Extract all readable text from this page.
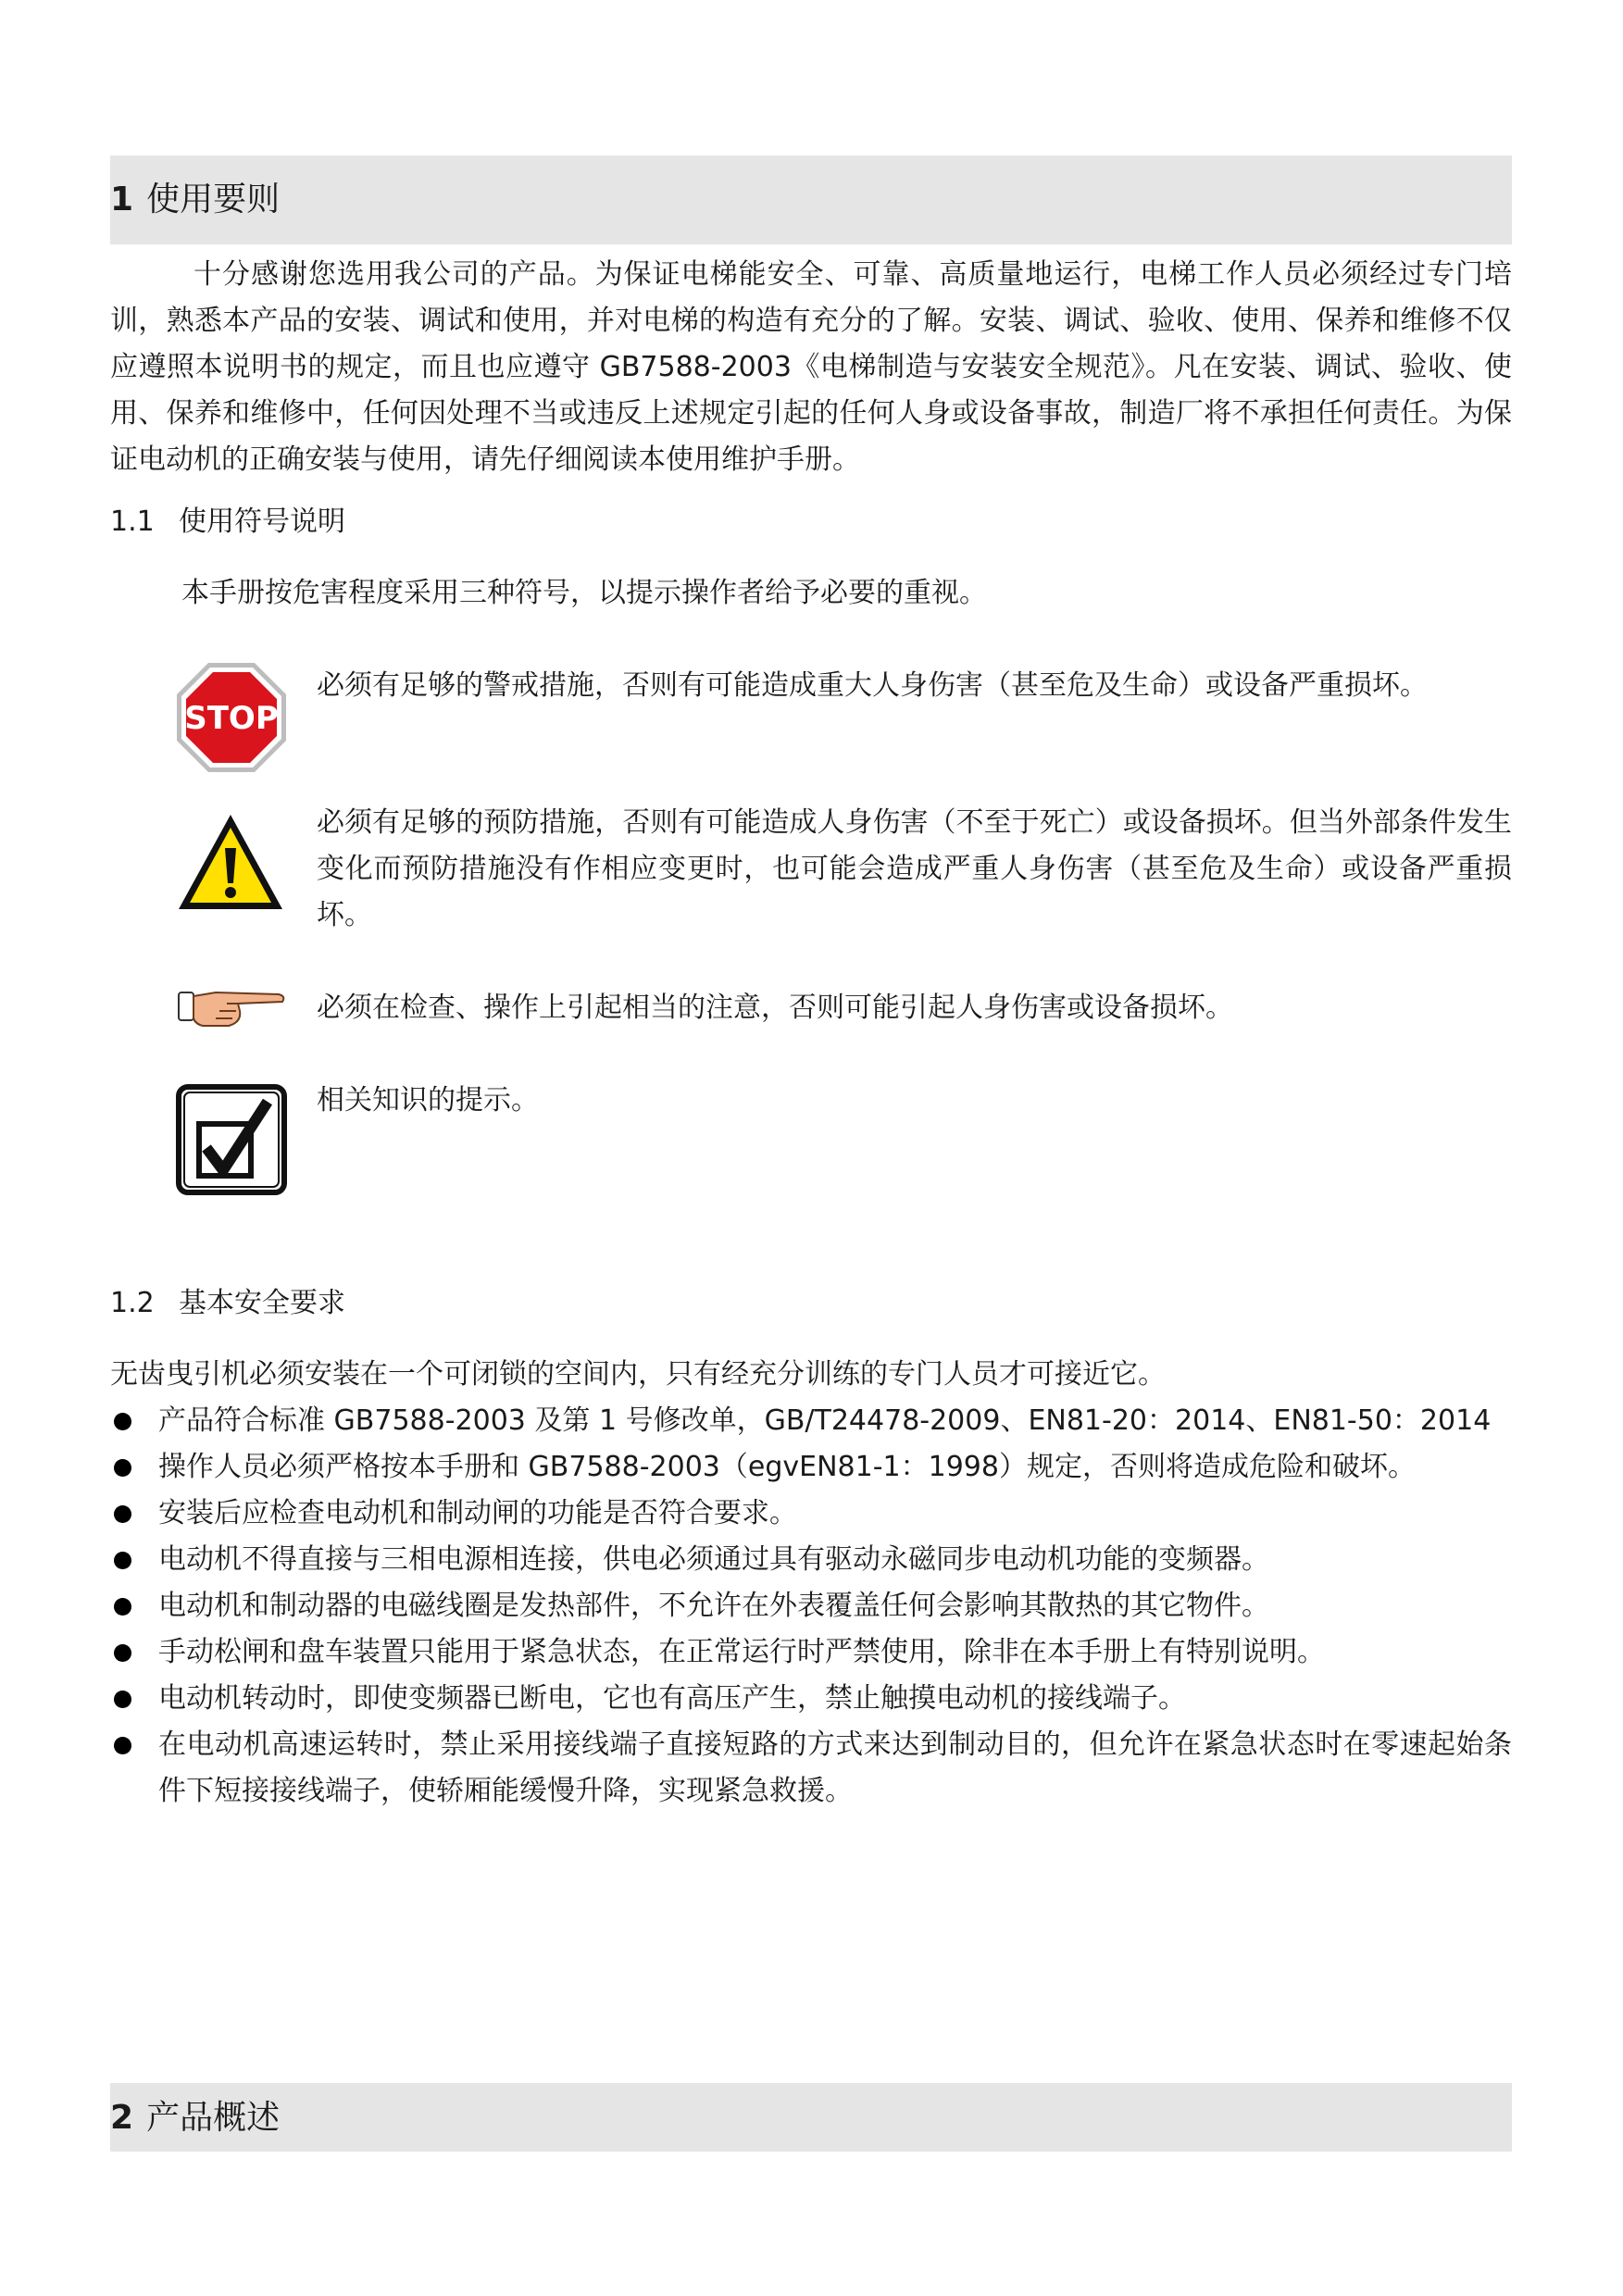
1 使用要则

十分感谢您选用我公司的产品。为保证电梯能安全、可靠、高质量地运行，电梯工作人员必须经过专门培训，熟悉本产品的安装、调试和使用，并对电梯的构造有充分的了解。安装、调试、验收、使用、保养和维修不仅应遵照本说明书的规定，而且也应遵守 GB7588-2003《电梯制造与安装安全规范》。凡在安装、调试、验收、使用、保养和维修中，任何因处理不当或违反上述规定引起的任何人身或设备事故，制造厂将不承担任何责任。为保证电动机的正确安装与使用，请先仔细阅读本使用维护手册。

1.1 使用符号说明
本手册按危害程度采用三种符号，以提示操作者给予必要的重视。
STOP
必须有足够的警戒措施，否则有可能造成重大人身伤害（甚至危及生命）或设备严重损坏。
必须有足够的预防措施，否则有可能造成人身伤害（不至于死亡）或设备损坏。但当外部条件发生变化而预防措施没有作相应变更时，也可能会造成严重人身伤害（甚至危及生命）或设备严重损坏。
必须在检查、操作上引起相当的注意，否则可能引起人身伤害或设备损坏。
相关知识的提示。
1.2 基本安全要求
无齿曳引机必须安装在一个可闭锁的空间内，只有经充分训练的专门人员才可接近它。
产品符合标准 GB7588-2003 及第 1 号修改单，GB/T24478-2009、EN81-20：2014、EN81-50：2014
操作人员必须严格按本手册和 GB7588-2003（egvEN81-1：1998）规定，否则将造成危险和破坏。
安装后应检查电动机和制动闸的功能是否符合要求。
电动机不得直接与三相电源相连接，供电必须通过具有驱动永磁同步电动机功能的变频器。
电动机和制动器的电磁线圈是发热部件，不允许在外表覆盖任何会影响其散热的其它物件。
手动松闸和盘车装置只能用于紧急状态，在正常运行时严禁使用，除非在本手册上有特别说明。
电动机转动时，即使变频器已断电，它也有高压产生，禁止触摸电动机的接线端子。
在电动机高速运转时，禁止采用接线端子直接短路的方式来达到制动目的，但允许在紧急状态时在零速起始条件下短接接线端子，使轿厢能缓慢升降，实现紧急救援。
2 产品概述
